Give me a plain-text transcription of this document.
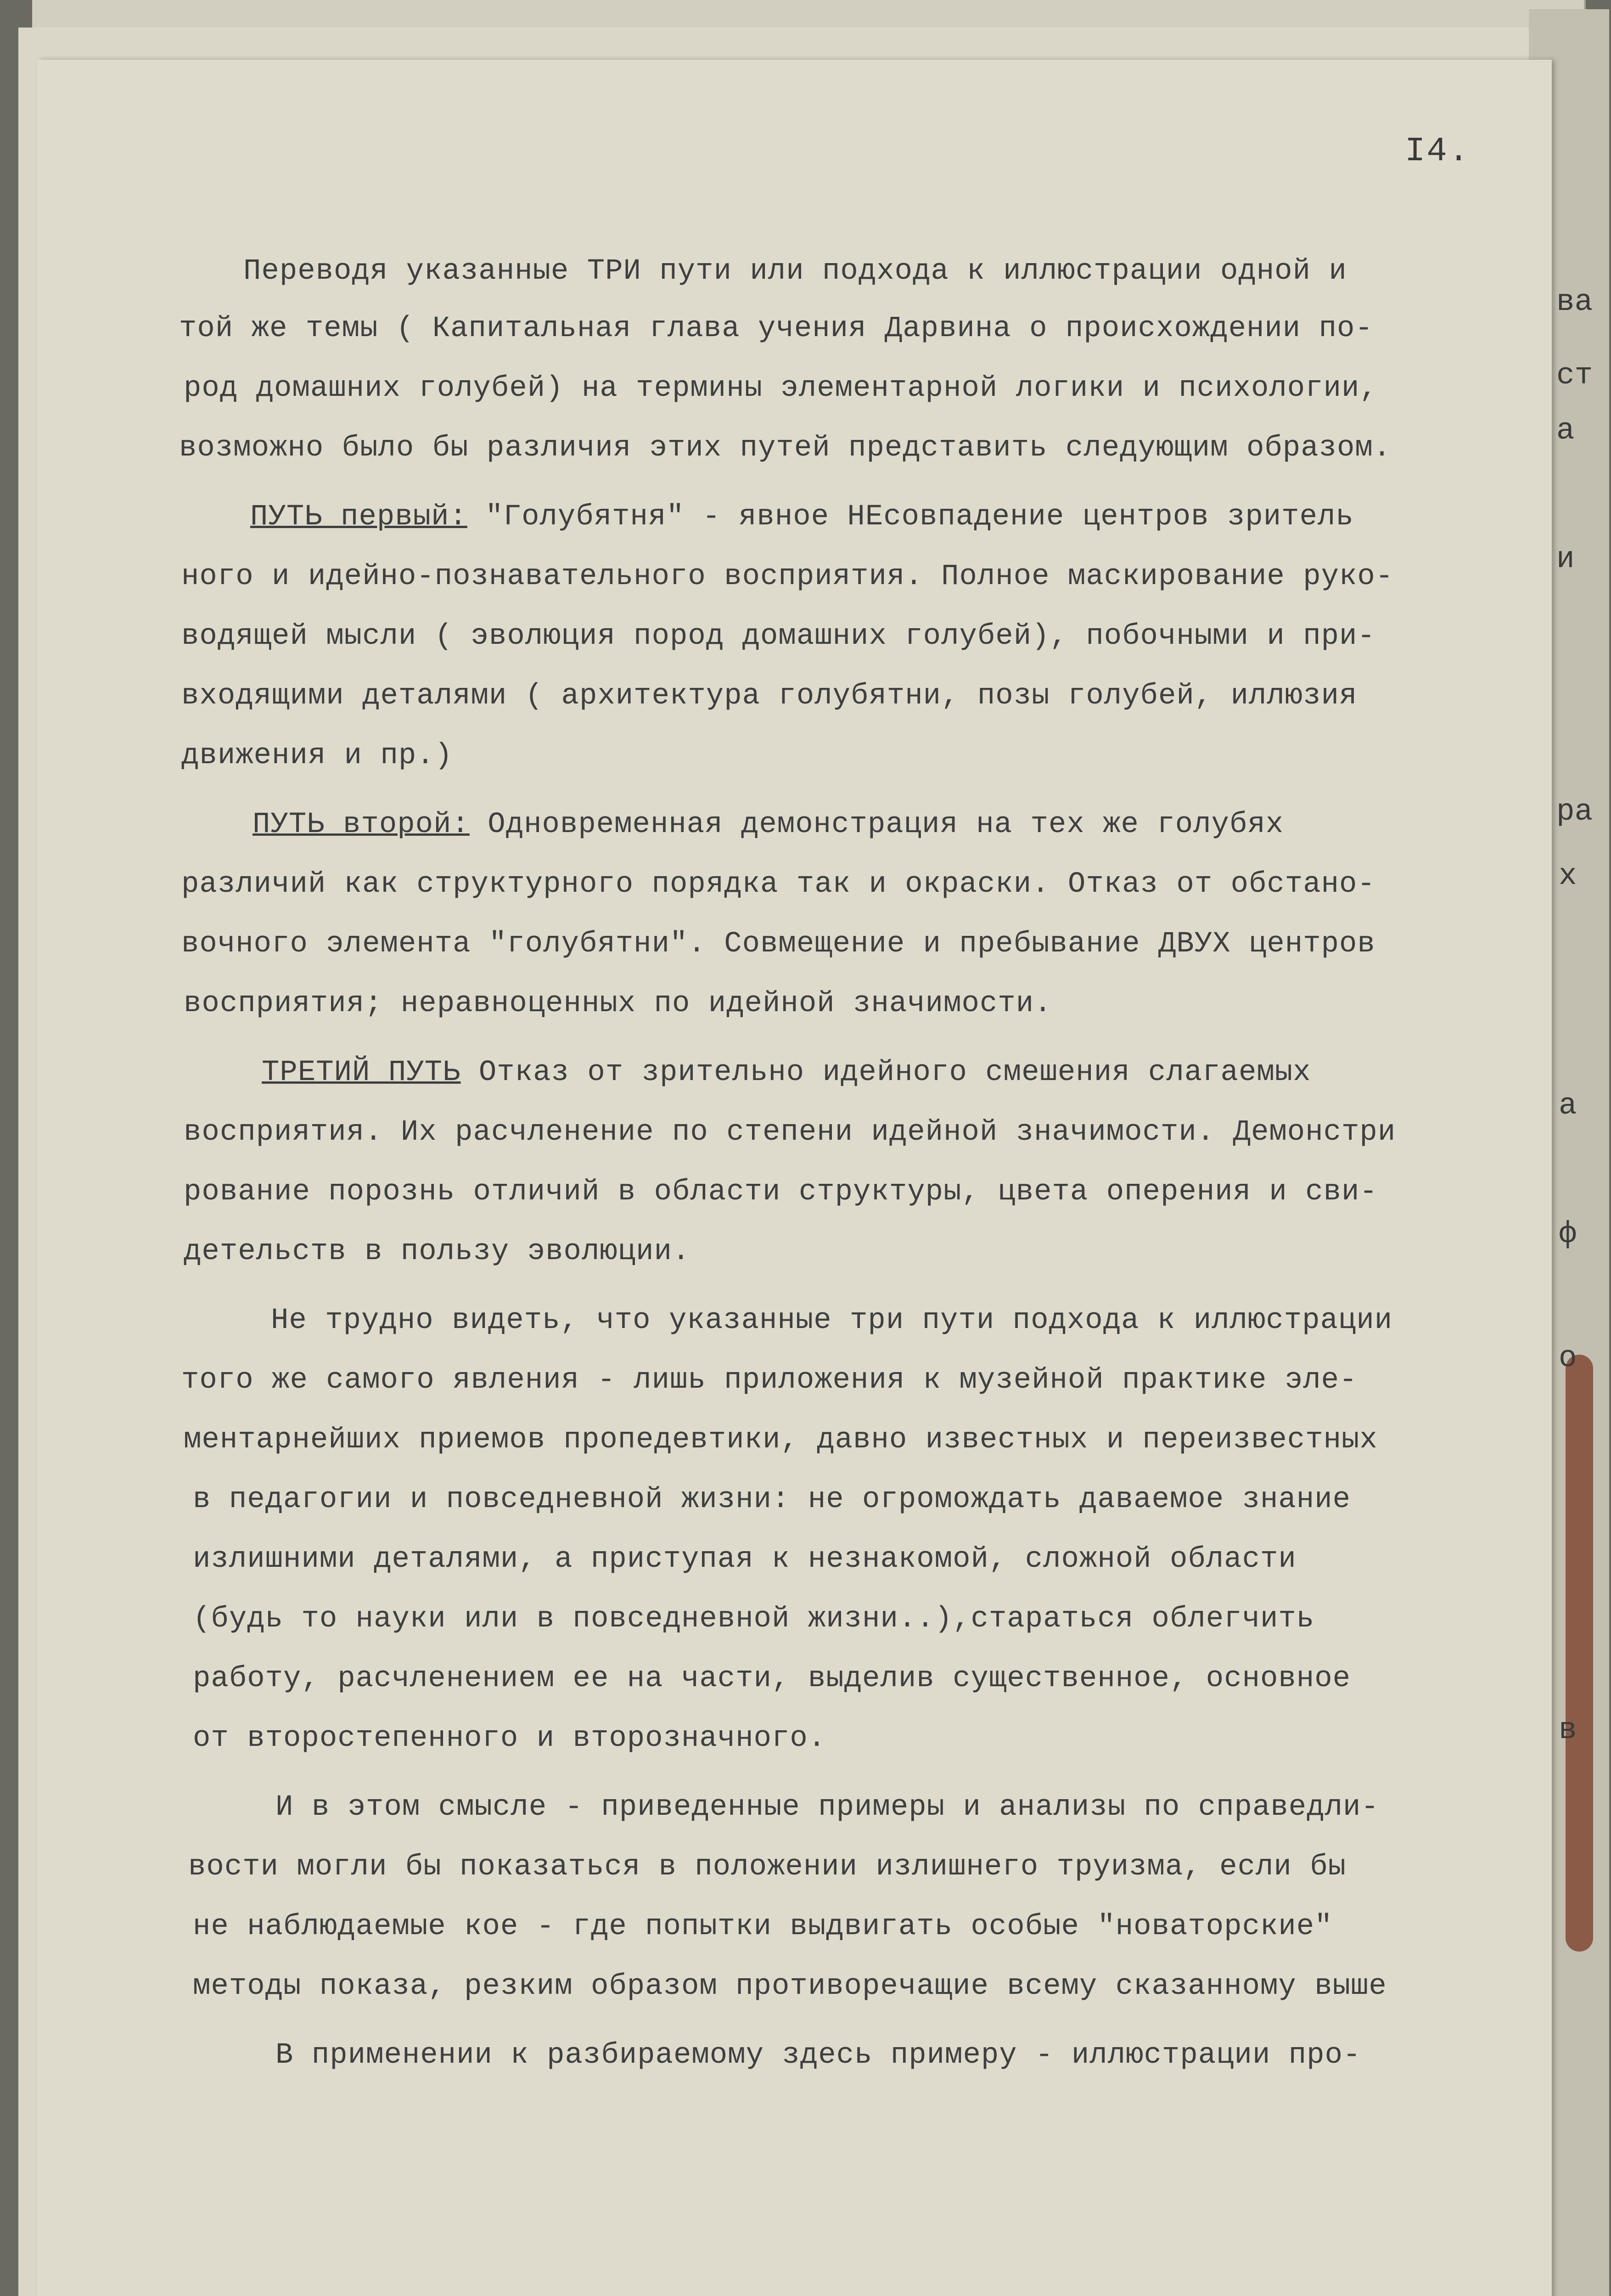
ва
ст
а
и
ра
х
а
ф
о
в
I4.
Переводя указанные ТРИ пути или подхода к иллюстрации одной и
той же темы ( Капитальная глава учения Дарвина о происхождении по-
род домашних голубей) на термины элементарной логики и психологии,
возможно было бы различия этих путей представить следующим образом.
ПУТЬ первый: "Голубятня" - явное НЕсовпадение центров зритель
ного и идейно-познавательного восприятия. Полное маскирование руко-
водящей мысли ( эволюция пород домашних голубей), побочными и при-
входящими деталями ( архитектура голубятни, позы голубей, иллюзия
движения и пр.)
ПУТЬ второй: Одновременная демонстрация на тех же голубях
различий как структурного порядка так и окраски. Отказ от обстано-
вочного элемента "голубятни". Совмещение и пребывание ДВУХ центров
восприятия; неравноценных по идейной значимости.
ТРЕТИЙ ПУТЬ Отказ от зрительно идейного смешения слагаемых
восприятия. Их расчленение по степени идейной значимости. Демонстри
рование порознь отличий в области структуры, цвета оперения и сви-
детельств в пользу эволюции.
Не трудно видеть, что указанные три пути подхода к иллюстрации
того же самого явления - лишь приложения к музейной практике эле-
ментарнейших приемов пропедевтики, давно известных и переизвестных
в педагогии и повседневной жизни: не огромождать даваемое знание
излишними деталями, а приступая к незнакомой, сложной области
(будь то науки или в повседневной жизни..),стараться облегчить
работу, расчленением ее на части, выделив существенное, основное
от второстепенного и второзначного.
И в этом смысле - приведенные примеры и анализы по справедли-
вости могли бы показаться в положении излишнего труизма, если бы
не наблюдаемые кое - где попытки выдвигать особые "новаторские"
методы показа, резким образом противоречащие всему сказанному выше
В применении к разбираемому здесь примеру - иллюстрации про-
